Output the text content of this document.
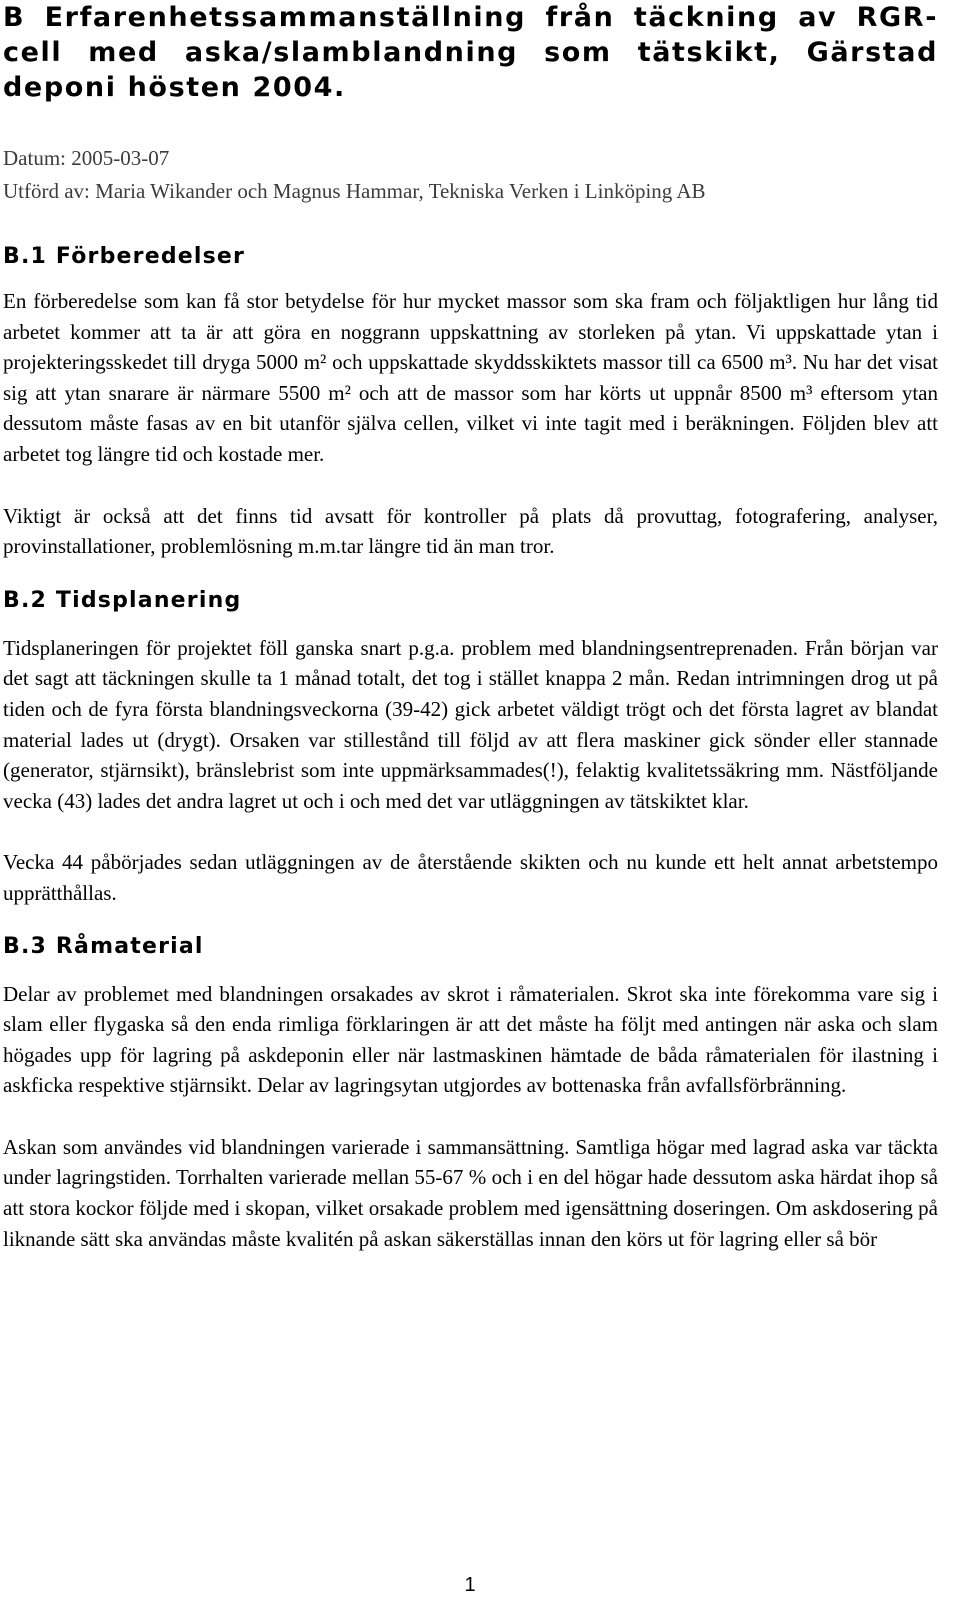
B Erfarenhetssammanställning från täckning av RGR-cell med aska/slamblandning som tätskikt, Gärstad deponi hösten 2004.

Datum: 2005-03-07

Utförd av: Maria Wikander och Magnus Hammar, Tekniska Verken i Linköping AB

B.1 Förberedelser

En förberedelse som kan få stor betydelse för hur mycket massor som ska fram och följaktligen hur lång tid arbetet kommer att ta är att göra en noggrann uppskattning av storleken på ytan. Vi uppskattade ytan i projekteringsskedet till dryga 5000 m² och uppskattade skyddsskiktets massor till ca 6500 m³. Nu har det visat sig att ytan snarare är närmare 5500 m² och att de massor som har körts ut uppnår 8500 m³ eftersom ytan dessutom måste fasas av en bit utanför själva cellen, vilket vi inte tagit med i beräkningen. Följden blev att arbetet tog längre tid och kostade mer.

Viktigt är också att det finns tid avsatt för kontroller på plats då provuttag, fotografering, analyser, provinstallationer, problemlösning m.m.tar längre tid än man tror.

B.2 Tidsplanering

Tidsplaneringen för projektet föll ganska snart p.g.a. problem med blandningsentreprenaden. Från början var det sagt att täckningen skulle ta 1 månad totalt, det tog i stället knappa 2 mån. Redan intrimningen drog ut på tiden och de fyra första blandningsveckorna (39-42) gick arbetet väldigt trögt och det första lagret av blandat material lades ut (drygt). Orsaken var stillestånd till följd av att flera maskiner gick sönder eller stannade (generator, stjärnsikt), bränslebrist som inte uppmärksammades(!), felaktig kvalitetssäkring mm. Nästföljande vecka (43) lades det andra lagret ut och i och med det var utläggningen av tätskiktet klar.

Vecka 44 påbörjades sedan utläggningen av de återstående skikten och nu kunde ett helt annat arbetstempo upprätthållas.

B.3 Råmaterial

Delar av problemet med blandningen orsakades av skrot i råmaterialen. Skrot ska inte förekomma vare sig i slam eller flygaska så den enda rimliga förklaringen är att det måste ha följt med antingen när aska och slam högades upp för lagring på askdeponin eller när lastmaskinen hämtade de båda råmaterialen för ilastning i askficka respektive stjärnsikt. Delar av lagringsytan utgjordes av bottenaska från avfallsförbränning.

Askan som användes vid blandningen varierade i sammansättning. Samtliga högar med lagrad aska var täckta under lagringstiden. Torrhalten varierade mellan 55-67 % och i en del högar hade dessutom aska härdat ihop så att stora kockor följde med i skopan, vilket orsakade problem med igensättning doseringen. Om askdosering på liknande sätt ska användas måste kvalitén på askan säkerställas innan den körs ut för lagring eller så bör

1
